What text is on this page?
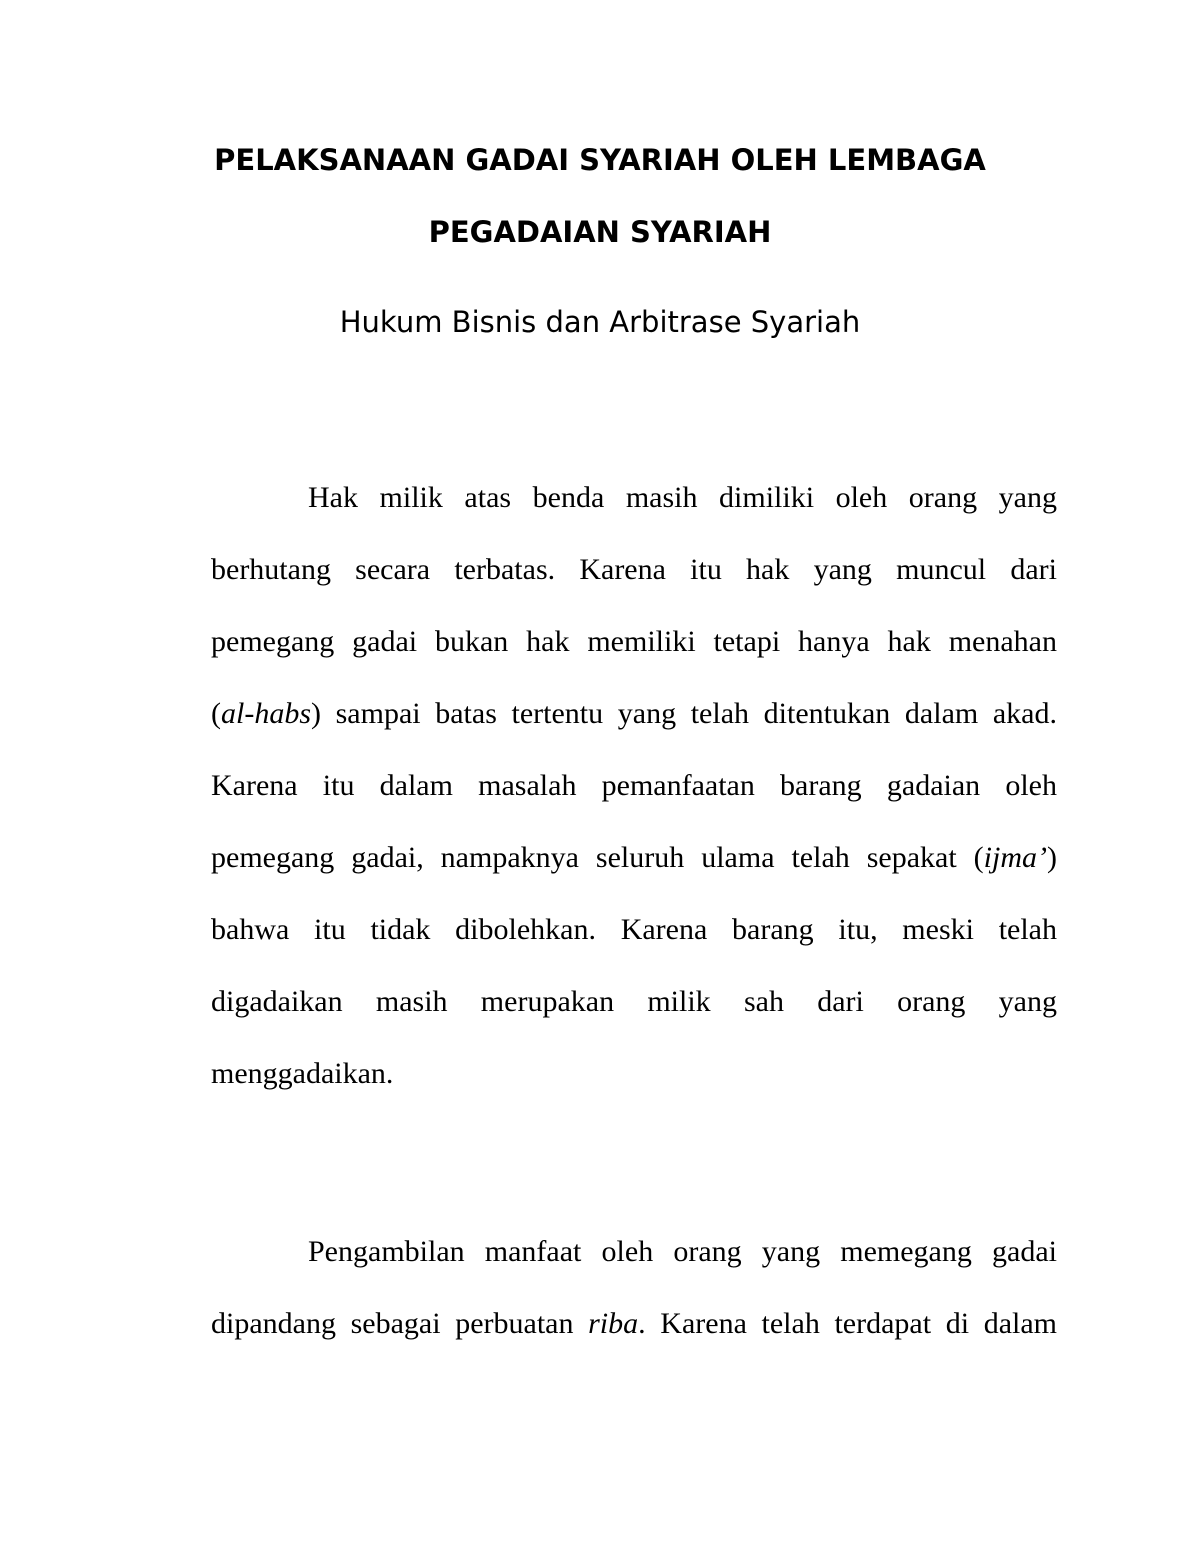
PELAKSANAAN GADAI SYARIAH OLEH LEMBAGA
PEGADAIAN SYARIAH
Hukum Bisnis dan Arbitrase Syariah
Hak milik atas benda masih dimiliki oleh orang yang
berhutang secara terbatas. Karena itu hak yang muncul dari
pemegang gadai bukan hak memiliki tetapi hanya hak menahan
(al-habs) sampai batas tertentu yang telah ditentukan dalam akad.
Karena itu dalam masalah pemanfaatan barang gadaian oleh
pemegang gadai, nampaknya seluruh ulama telah sepakat (ijma’)
bahwa itu tidak dibolehkan. Karena barang itu, meski telah
digadaikan masih merupakan milik sah dari orang yang
menggadaikan.
Pengambilan manfaat oleh orang yang memegang gadai
dipandang sebagai perbuatan riba. Karena telah terdapat di dalam
